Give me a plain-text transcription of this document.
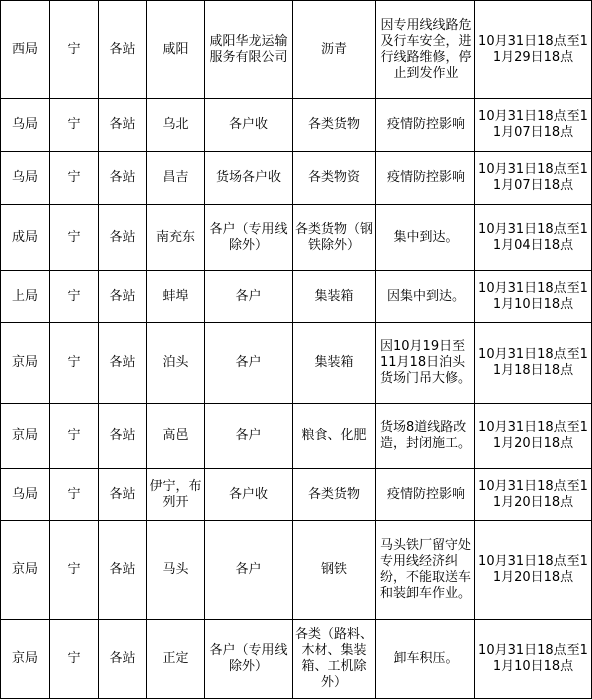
西局	宁	各站	咸阳	咸阳华龙运输服务有限公司	沥青	因专用线线路危及行车安全，进行线路维修，停止到发作业	10月31日18点至11月29日18点
乌局	宁	各站	乌北	各户收	各类货物	疫情防控影响	10月31日18点至11月07日18点
乌局	宁	各站	昌吉	货场各户收	各类物资	疫情防控影响	10月31日18点至11月07日18点
成局	宁	各站	南充东	各户（专用线除外）	各类货物（钢铁除外）	集中到达。	10月31日18点至11月04日18点
上局	宁	各站	蚌埠	各户	集装箱	因集中到达。	10月31日18点至11月10日18点
京局	宁	各站	泊头	各户	集装箱	因10月19日至11月18日泊头货场门吊大修。	10月31日18点至11月18日18点
京局	宁	各站	高邑	各户	粮食、化肥	货场8道线路改造，封闭施工。	10月31日18点至11月20日18点
乌局	宁	各站	伊宁，布列开	各户收	各类货物	疫情防控影响	10月31日18点至11月20日18点
京局	宁	各站	马头	各户	钢铁	马头铁厂留守处专用线经济纠纷，不能取送车和装卸车作业。	10月31日18点至11月20日18点
京局	宁	各站	正定	各户（专用线除外）	各类（路料、木材、集装箱、工机除外）	卸车积压。	10月31日18点至11月10日18点
